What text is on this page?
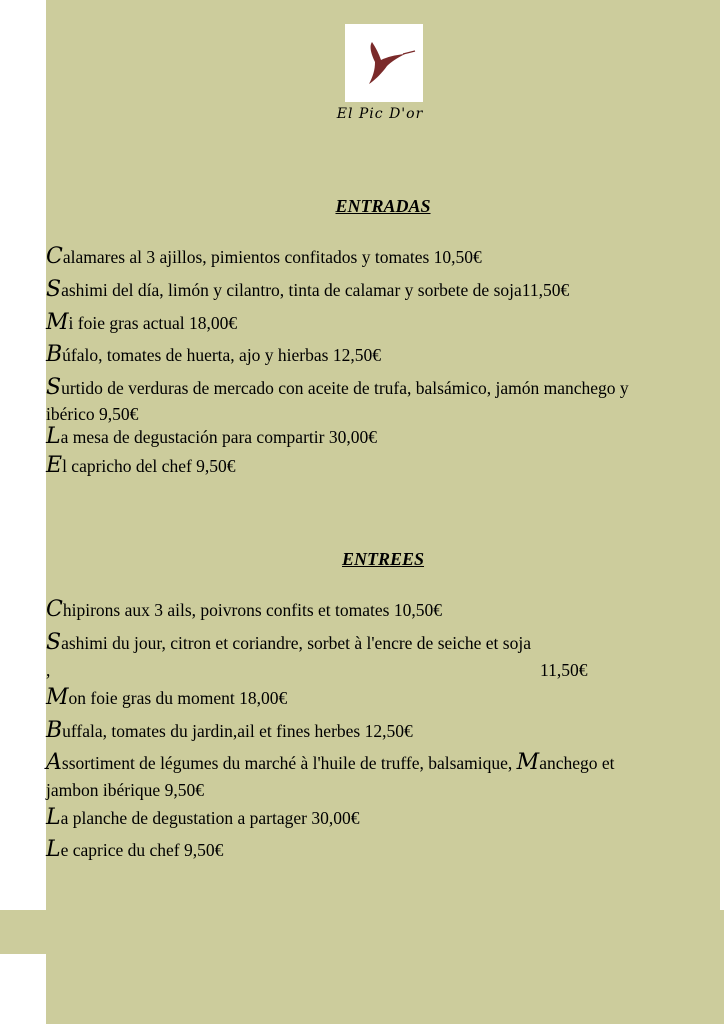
El Pic D'or
ENTRADAS
Calamares al 3 ajillos, pimientos confitados y tomates 10,50€
Sashimi del día, limón y cilantro, tinta de calamar y sorbete de soja11,50€
Mi foie gras actual 18,00€
Búfalo, tomates de huerta, ajo y hierbas 12,50€
Surtido de verduras de mercado con aceite de trufa, balsámico, jamón manchego y
ibérico 9,50€
La mesa de degustación para compartir 30,00€
El capricho del chef 9,50€
ENTREES
Chipirons aux 3 ails, poivrons confits et tomates 10,50€
Sashimi du jour, citron et coriandre, sorbet à l'encre de seiche et soja
,	11,50€
Mon foie gras du moment 18,00€
Buffala, tomates du jardin,ail et fines herbes 12,50€
Assortiment de légumes du marché à l'huile de truffe, balsamique, Manchego et
jambon ibérique 9,50€
La planche de degustation a partager 30,00€
Le caprice du chef 9,50€
